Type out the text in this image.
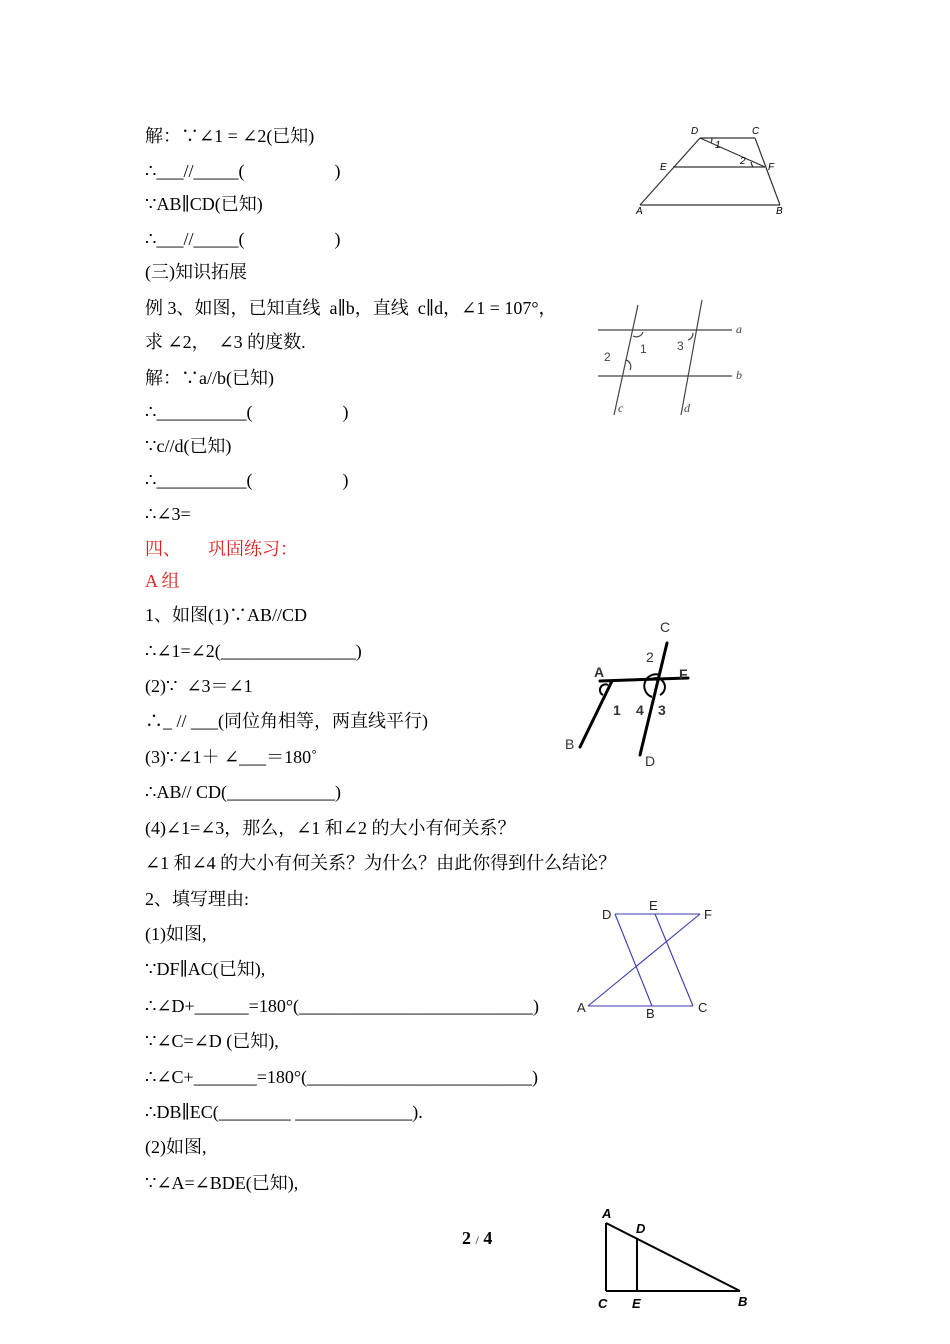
解：∵∠1 = ∠2(已知)
∴___//_____(                    )
∵AB∥CD(已知)
∴___//_____(                    )
(三)知识拓展
例 3、如图，已知直线  a∥b，直线  c∥d，∠1 = 107°，
求 ∠2，  ∠3 的度数.
解：∵a//b(已知)
∴__________(                    )
∵c//d(已知)
∴__________(                    )
∴∠3=
四、      巩固练习：
A 组
1、如图(1)∵AB//CD
∴∠1=∠2(_______________)
(2)∵  ∠3＝∠1
∴_ // ___(同位角相等，两直线平行)
(3)∵∠1＋ ∠___＝180˚
∴AB// CD(____________)
(4)∠1=∠3，那么，∠1 和∠2 的大小有何关系？
∠1 和∠4 的大小有何关系？为什么？由此你得到什么结论？
2、填写理由:
(1)如图,
∵DF∥AC(已知),
∴∠D+______=180°(__________________________)
∵∠C=∠D (已知),
∴∠C+_______=180°(_________________________)
∴DB∥EC(________ _____________).
(2)如图,
∵∠A=∠BDE(已知),
D	C
E	F
A	B
1
2
a
b
c	d
1
2
3
C
2
A	F
1 4 3
B
D
D
E
F
A	B	C
A
D
C E	B
2 / 4
